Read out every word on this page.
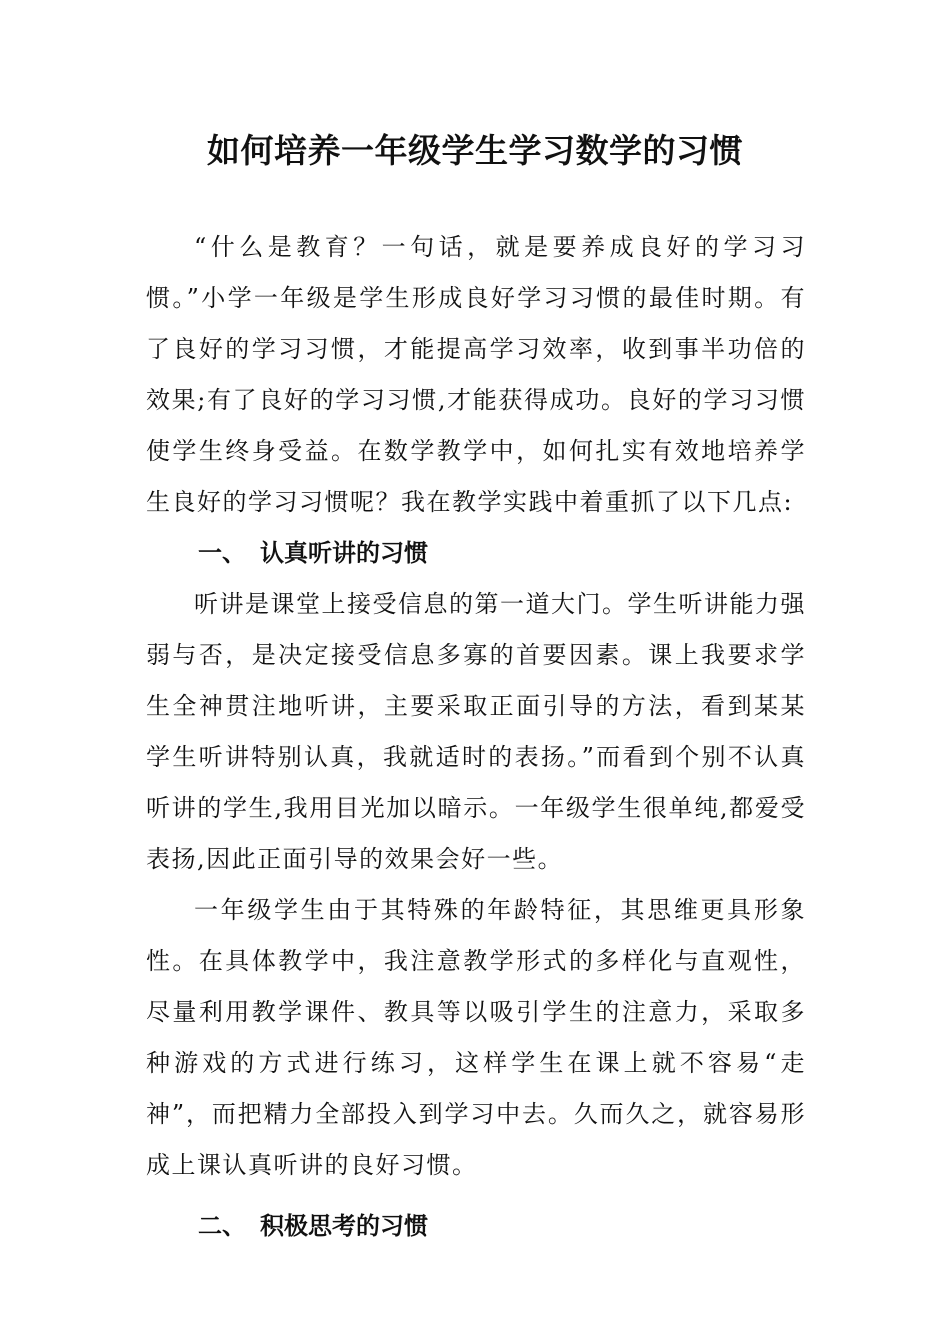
如何培养一年级学生学习数学的习惯

“什么是教育？一句话，就是要养成良好的学习习惯。”小学一年级是学生形成良好学习习惯的最佳时期。有了良好的学习习惯，才能提高学习效率，收到事半功倍的效果;有了良好的学习习惯,才能获得成功。良好的学习习惯使学生终身受益。在数学教学中，如何扎实有效地培养学生良好的学习习惯呢？我在教学实践中着重抓了以下几点:

一、 认真听讲的习惯

听讲是课堂上接受信息的第一道大门。学生听讲能力强弱与否，是决定接受信息多寡的首要因素。课上我要求学生全神贯注地听讲，主要采取正面引导的方法，看到某某学生听讲特别认真，我就适时的表扬。”而看到个别不认真听讲的学生,我用目光加以暗示。一年级学生很单纯,都爱受表扬,因此正面引导的效果会好一些。

一年级学生由于其特殊的年龄特征，其思维更具形象性。在具体教学中，我注意教学形式的多样化与直观性，尽量利用教学课件、教具等以吸引学生的注意力，采取多种游戏的方式进行练习，这样学生在课上就不容易“走神”，而把精力全部投入到学习中去。久而久之，就容易形成上课认真听讲的良好习惯。

二、 积极思考的习惯
